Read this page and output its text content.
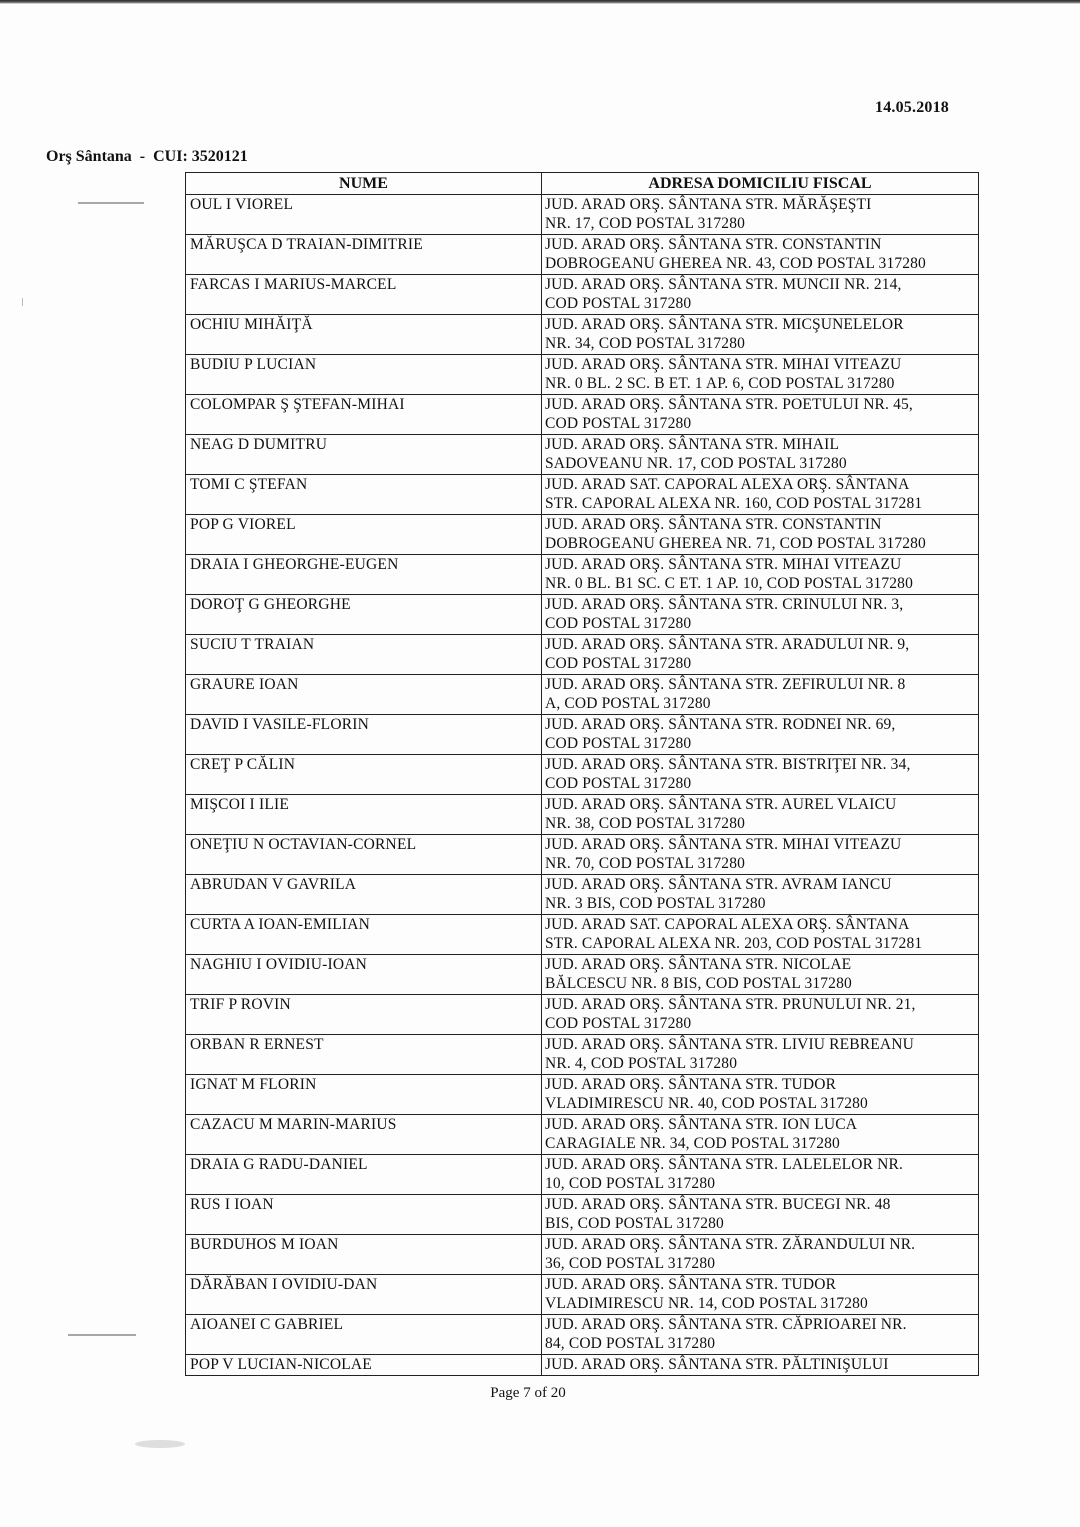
14.05.2018
Orş Sântana  -  CUI: 3520121
NUME	ADRESA DOMICILIU FISCAL
OUL I VIOREL	JUD. ARAD ORŞ. SÂNTANA STR. MĂRĂŞEŞTI
NR. 17, COD POSTAL 317280

MĂRUŞCA D TRAIAN-DIMITRIE	JUD. ARAD ORŞ. SÂNTANA STR. CONSTANTIN
DOBROGEANU GHEREA NR. 43, COD POSTAL 317280

FARCAS I MARIUS-MARCEL	JUD. ARAD ORŞ. SÂNTANA STR. MUNCII NR. 214,
COD POSTAL 317280

OCHIU MIHĂIŢĂ	JUD. ARAD ORŞ. SÂNTANA STR. MICŞUNELELOR
NR. 34, COD POSTAL 317280

BUDIU P LUCIAN	JUD. ARAD ORŞ. SÂNTANA STR. MIHAI VITEAZU
NR. 0 BL. 2 SC. B ET. 1 AP. 6, COD POSTAL 317280

COLOMPAR Ş ŞTEFAN-MIHAI	JUD. ARAD ORŞ. SÂNTANA STR. POETULUI NR. 45,
COD POSTAL 317280

NEAG D DUMITRU	JUD. ARAD ORŞ. SÂNTANA STR. MIHAIL
SADOVEANU NR. 17, COD POSTAL 317280

TOMI C ŞTEFAN	JUD. ARAD SAT. CAPORAL ALEXA ORŞ. SÂNTANA
STR. CAPORAL ALEXA NR. 160, COD POSTAL 317281

POP G VIOREL	JUD. ARAD ORŞ. SÂNTANA STR. CONSTANTIN
DOBROGEANU GHEREA NR. 71, COD POSTAL 317280

DRAIA I GHEORGHE-EUGEN	JUD. ARAD ORŞ. SÂNTANA STR. MIHAI VITEAZU
NR. 0 BL. B1 SC. C ET. 1 AP. 10, COD POSTAL 317280

DOROŢ G GHEORGHE	JUD. ARAD ORŞ. SÂNTANA STR. CRINULUI NR. 3,
COD POSTAL 317280

SUCIU T TRAIAN	JUD. ARAD ORŞ. SÂNTANA STR. ARADULUI NR. 9,
COD POSTAL 317280

GRAURE IOAN	JUD. ARAD ORŞ. SÂNTANA STR. ZEFIRULUI NR. 8
A, COD POSTAL 317280

DAVID I VASILE-FLORIN	JUD. ARAD ORŞ. SÂNTANA STR. RODNEI NR. 69,
COD POSTAL 317280

CREŢ P CĂLIN	JUD. ARAD ORŞ. SÂNTANA STR. BISTRIŢEI NR. 34,
COD POSTAL 317280

MIŞCOI I ILIE	JUD. ARAD ORŞ. SÂNTANA STR. AUREL VLAICU
NR. 38, COD POSTAL 317280

ONEŢIU N OCTAVIAN-CORNEL	JUD. ARAD ORŞ. SÂNTANA STR. MIHAI VITEAZU
NR. 70, COD POSTAL 317280

ABRUDAN V GAVRILA	JUD. ARAD ORŞ. SÂNTANA STR. AVRAM IANCU
NR. 3 BIS, COD POSTAL 317280

CURTA A IOAN-EMILIAN	JUD. ARAD SAT. CAPORAL ALEXA ORŞ. SÂNTANA
STR. CAPORAL ALEXA NR. 203, COD POSTAL 317281

NAGHIU I OVIDIU-IOAN	JUD. ARAD ORŞ. SÂNTANA STR. NICOLAE
BĂLCESCU NR. 8 BIS, COD POSTAL 317280

TRIF P ROVIN	JUD. ARAD ORŞ. SÂNTANA STR. PRUNULUI NR. 21,
COD POSTAL 317280

ORBAN R ERNEST	JUD. ARAD ORŞ. SÂNTANA STR. LIVIU REBREANU
NR. 4, COD POSTAL 317280

IGNAT M FLORIN	JUD. ARAD ORŞ. SÂNTANA STR. TUDOR
VLADIMIRESCU NR. 40, COD POSTAL 317280

CAZACU M MARIN-MARIUS	JUD. ARAD ORŞ. SÂNTANA STR. ION LUCA
CARAGIALE NR. 34, COD POSTAL 317280

DRAIA G RADU-DANIEL	JUD. ARAD ORŞ. SÂNTANA STR. LALELELOR NR.
10, COD POSTAL 317280

RUS I IOAN	JUD. ARAD ORŞ. SÂNTANA STR. BUCEGI NR. 48
BIS, COD POSTAL 317280

BURDUHOS M IOAN	JUD. ARAD ORŞ. SÂNTANA STR. ZĂRANDULUI NR.
36, COD POSTAL 317280

DĂRĂBAN I OVIDIU-DAN	JUD. ARAD ORŞ. SÂNTANA STR. TUDOR
VLADIMIRESCU NR. 14, COD POSTAL 317280

AIOANEI C GABRIEL	JUD. ARAD ORŞ. SÂNTANA STR. CĂPRIOAREI NR.
84, COD POSTAL 317280

POP V LUCIAN-NICOLAE	JUD. ARAD ORŞ. SÂNTANA STR. PĂLTINIŞULUI
Page 7 of 20
